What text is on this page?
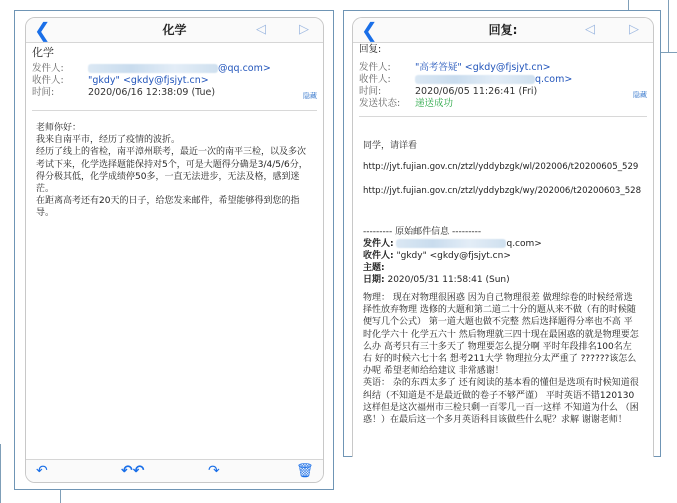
❮	化学	◁	▷
化学
发件人:	@qq.com>
收件人:	"gkdy" <gkdy@fjsjyt.cn>
时间:	2020/06/16 12:38:09 (Tue)	隐藏
老师你好：
我来自南平市，经历了疫情的波折。
经历了线上的省检，南平漳州联考，最近一次的南平三检，以及多次考试下来，化学选择题能保持对5个，可是大题得分确是3/4/5/6分，得分极其低，化学成绩停50多，一直无法进步，无法及格，感到迷茫。
在距离高考还有20天的日子，给您发来邮件，希望能够得到您的指导。
↶	↶↶	↷	🗑
❮	回复:	◁	▷
回复:
发件人:	"高考答疑" <gkdy@fjsjyt.cn>
收件人:	q.com>
时间:	2020/06/05 11:26:41 (Fri)	隐藏
发送状态: 递送成功
同学，请详看
http://jyt.fujian.gov.cn/ztzl/yddybzgk/wl/202006/t20200605_529
http://jyt.fujian.gov.cn/ztzl/yddybzgk/wy/202006/t20200603_528
--------- 原始邮件信息 ---------
发件人:	q.com>
收件人: "gkdy" <gkdy@fjsjyt.cn>
主题:
日期: 2020/05/31 11:58:41 (Sun)
物理： 现在对物理很困惑 因为自己物理很差 做理综卷的时候经常选择性放弃物理 选修的大题和第二道二十分的题从来不做（有的时候随便写几个公式） 第一道大题也做不完整 然后选择题得分率也不高 平时化学六十 化学五六十 然后物理就三四十现在最困惑的就是物理要怎么办 高考只有三十多天了 物理要怎么提分啊 平时年段排名100名左右 好的时候六七十名 想考211大学 物理拉分太严重了 ??????该怎么办呢 希望老师给给建议 非常感谢！
英语： 杂的东西太多了 还有阅读的基本看的懂但是选项有时候知道很纠结（不知道是不是最近做的卷子不够严谨） 平时英语不错120130这样但是这次福州市三检只剩一百零几一百一这样 不知道为什么 （困惑！）在最后这一个多月英语科目该做些什么呢？求解 谢谢老师！
